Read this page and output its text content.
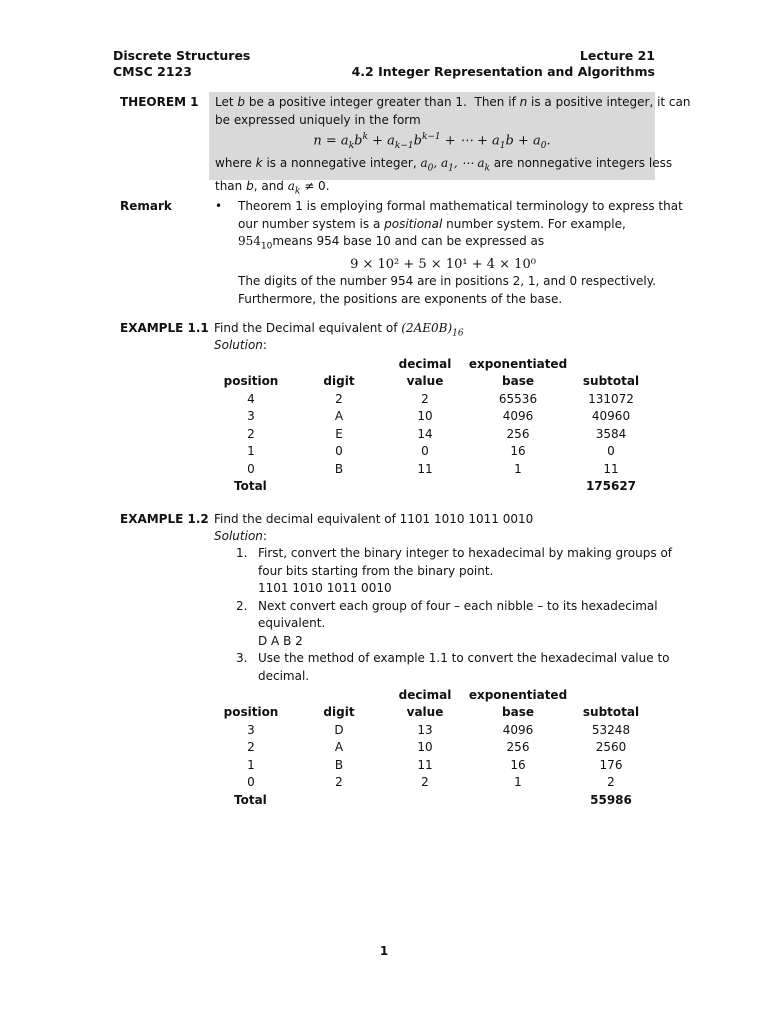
Discrete Structures
CMSC 2123
Lecture 21
4.2 Integer Representation and Algorithms
THEOREM 1 Let b be a positive integer greater than 1.  Then if n is a positive integer, it can
be expressed uniquely in the form
$n = a_kb^k + a_{k-1}b^{k-1}$ + ⋯ + $a_1b + a_0$.
where k is a nonnegative integer, $a_0$, $a_1$, ⋯ $a_k$ are nonnegative integers less
than b, and $a_k \ne 0$.
Remark	• Theorem 1 is employing formal mathematical terminology to express that
our number system is a positional number system. For example,
$954_{10}means$ 954 base 10 and can be expressed as
9 × 10² + 5 × 10¹ + 4 × 10⁰
The digits of the number 954 are in positions 2, 1, and 0 respectively.
Furthermore, the positions are exponents of the base.
EXAMPLE 1.1 Find the Decimal equivalent of $(2AE0B)_{16}$
Solution:
		decimal	exponentiated	
position	digit	value	base	subtotal
4	2	2	65536	131072
3	A	10	4096	40960
2	E	14	256	3584
1	0	0	16	0
0	B	11	1	11
Total				175627
EXAMPLE 1.2 Find the decimal equivalent of 1101 1010 1011 0010
Solution:
1. First, convert the binary integer to hexadecimal by making groups of
four bits starting from the binary point.
1101 1010 1011 0010
2. Next convert each group of four – each nibble – to its hexadecimal
equivalent.
D A B 2
3. Use the method of example 1.1 to convert the hexadecimal value to
decimal.
		decimal	exponentiated	
position	digit	value	base	subtotal
3	D	13	4096	53248
2	A	10	256	2560
1	B	11	16	176
0	2	2	1	2
Total				55986
1
